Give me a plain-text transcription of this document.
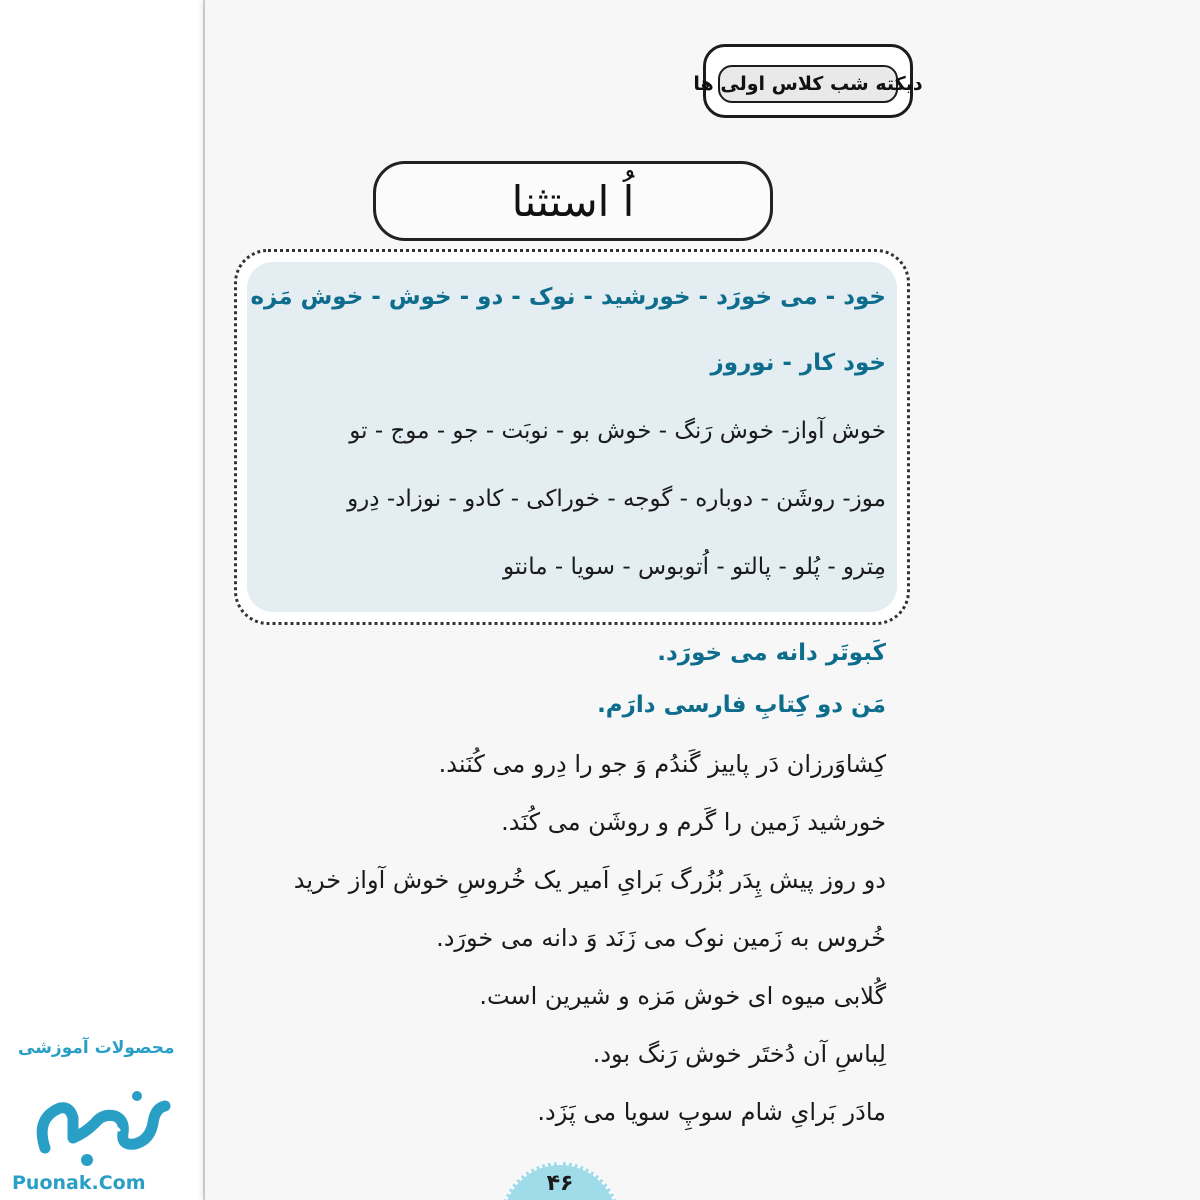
دیکته شب کلاس اولی ها
اُ استثنا
خود - می خورَد - خورشید - نوک - دو - خوش - خوش مَزه
خود کار - نوروز
خوش آواز- خوش رَنگ - خوش بو - نوبَت - جو - موج - تو
موز- روشَن - دوباره - گوجه - خوراکی - کادو - نوزاد- دِرو
مِترو - پُلو - پالتو - اُتوبوس - سویا - مانتو
کَبوتَر دانه می خورَد.
مَن دو کِتابِ فارسی دارَم.
کِشاوَرزان دَر پاییز گَندُم وَ جو را دِرو می کُنَند.
خورشید زَمین را گَرم و روشَن می کُنَد.
دو روز پیش پِدَر بُزُرگ بَرایِ اَمیر یک خُروسِ خوش آواز خرید
خُروس به زَمین نوک می زَنَد وَ دانه می خورَد.
گُلابی میوه ای خوش مَزه و شیرین است.
لِباسِ آن دُختَر خوش رَنگ بود.
مادَر بَرایِ شام سوپِ سویا می پَزَد.
۴۶
محصولات آموزشی
Puonak.Com
